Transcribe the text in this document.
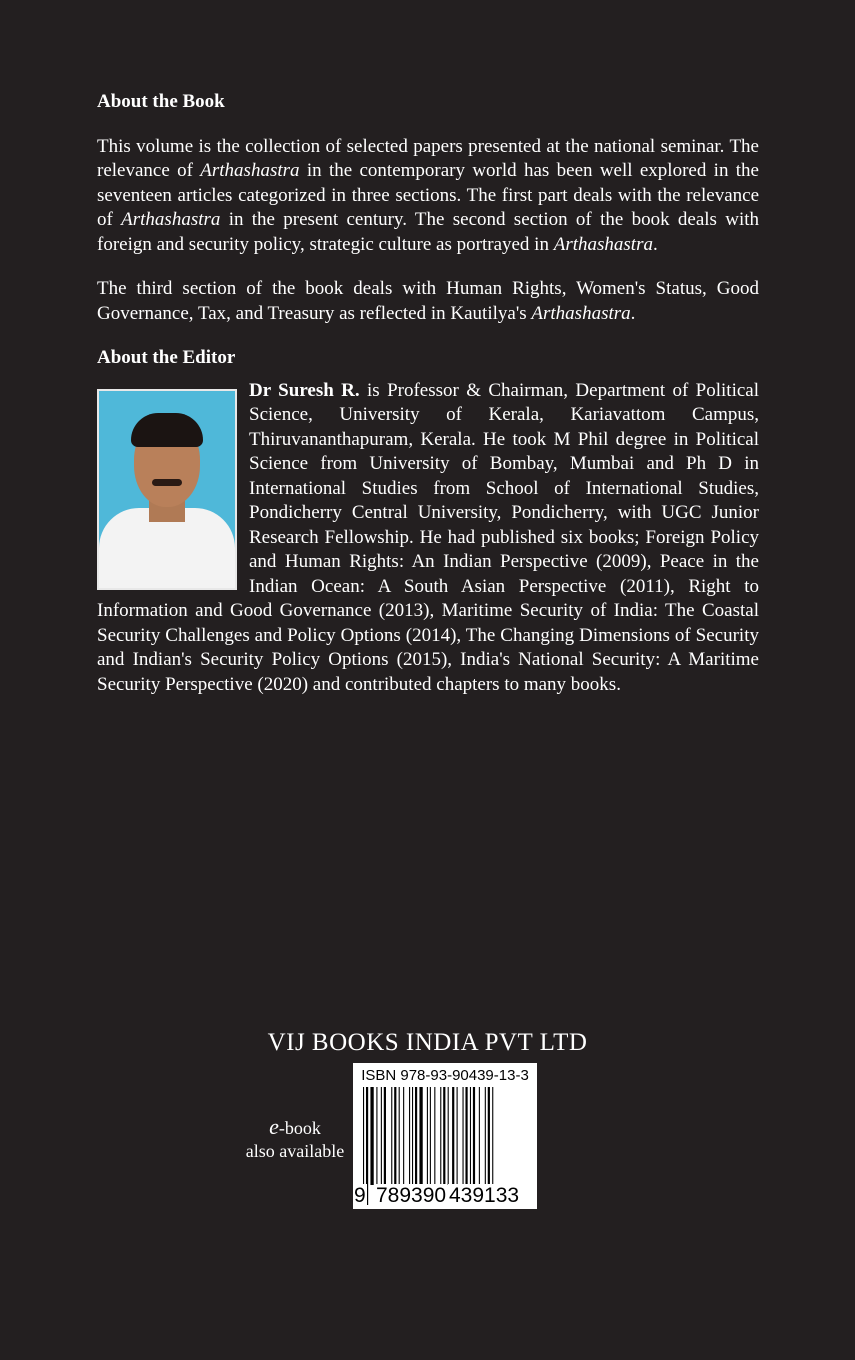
About the Book

This volume is the collection of selected papers presented at the national seminar. The relevance of Arthashastra in the contemporary world has been well explored in the seventeen articles categorized in three sections. The first part deals with the relevance of Arthashastra in the present century. The second section of the book deals with foreign and security policy, strategic culture as portrayed in Arthashastra.

The third section of the book deals with Human Rights, Women's Status, Good Governance, Tax, and Treasury as reflected in Kautilya's Arthashastra.

About the Editor

Dr Suresh R. is Professor & Chairman, Department of Political Science, University of Kerala, Kariavattom Campus, Thiruvananthapuram, Kerala. He took M Phil degree in Political Science from University of Bombay, Mumbai and Ph D in International Studies from School of International Studies, Pondicherry Central University, Pondicherry, with UGC Junior Research Fellowship. He had published six books; Foreign Policy and Human Rights: An Indian Perspective (2009), Peace in the Indian Ocean: A South Asian Perspective (2011), Right to Information and Good Governance (2013), Maritime Security of India: The Coastal Security Challenges and Policy Options (2014), The Changing Dimensions of Security and Indian's Security Policy Options (2015), India's National Security: A Maritime Security Perspective (2020) and contributed chapters to many books.

VIJ BOOKS INDIA PVT LTD
e-book
also available
ISBN 978-93-90439-13-3
9 789390 439133
